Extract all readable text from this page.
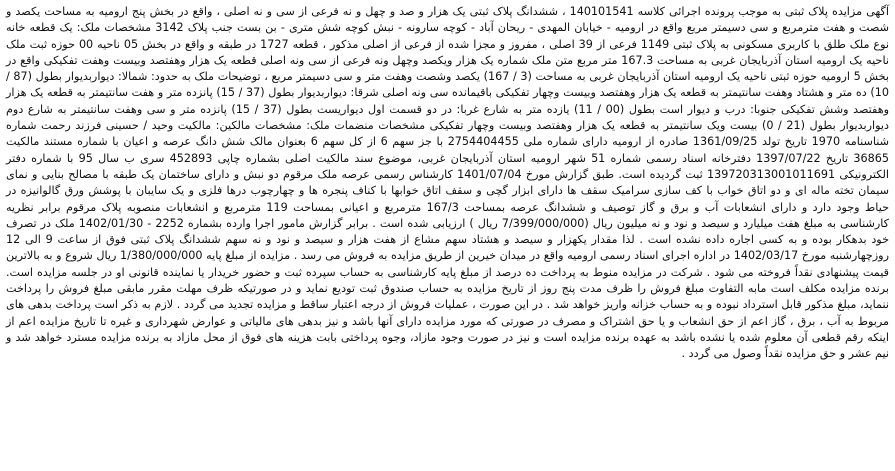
آگهی مزایده پلاک ثبتی به موجب پرونده اجرائی کلاسه 140101541 ، ششدانگ پلاک ثبتی یک هزار و صد و چهل و نه فرعی از سی و نه اصلی ، واقع در بخش پنج ارومیه به مساحت یکصد و شصت و هفت مترمربع و سی دسیمتر مربع واقع در ارومیه - خیابان المهدی - ریحان آباد - کوچه سارونه - نبش کوچه شش متری - بن بست جنب پلاک 3142 مشخصات ملک: یک قطعه خانه نوع ملک طلق با کاربری مسکونی به پلاک ثبتی 1149 فرعی از 39 اصلی ، مفروز و مجزا شده از فرعی از اصلی مذکور ، قطعه 1727 در طبقه و واقع در بخش 05 ناحیه 00 حوزه ثبت ملک ناحیه یک ارومیه استان آذربایجان غربی به مساحت 167.3 متر مربع متن ملک شماره یک هزار ویکصد وچهل ونه فرعی از سی ونه اصلی قطعه یک هزار وهفتصد وبیست وهفت تفکیکی واقع در بخش 5 ارومیه حوزه ثبتی ناحیه یک ارومیه استان آذربایجان غربی به مساحت (3 / 167) یکصد وشصت وهفت متر و سی دسیمتر مربع ، توضیحات ملک به حدود: شمالا: دیواربدیوار بطول (87 / 10) ده متر و هشتاد وهفت سانتیمتر به قطعه یک هزار وهفتصد وبیست وچهار تفکیکی باقیمانده سی ونه اصلی شرقا: دیواربدیوار بطول (37 / 15) پانزده متر و هفت سانتیمتر به قطعه یک هزار وهفتصد وشش تفکیکی جنوبا: درب و دیوار است بطول (00 / 11) یازده متر به شارع غربا: در دو قسمت اول دیواریست بطول (37 / 15) پانزده متر و سی وهفت سانتیمتر به شارع دوم دیواربدیوار بطول (21 / 0) بیست ویک سانتیمتر به قطعه یک هزار وهفتصد وبیست وچهار تفکیکی مشخصات منضمات ملک: مشخصات مالکین: مالکیت وحید / حسینی فرزند رحمت شماره شناسنامه 1970 تاریخ تولد 1361/09/25 صادره از ارومیه دارای شماره ملی 2754404455 با جز سهم 6 از کل سهم 6 بعنوان مالک شش دانگ عرصه و اعیان با شماره مستند مالکیت 36865 تاریخ 1397/07/22 دفترخانه اسناد رسمی شماره 51 شهر ارومیه استان آذربایجان غربی، موضوع سند مالکیت اصلی بشماره چاپی 452893 سری ب سال 95 با شماره دفتر الکترونیکی 139720313001011691 ثبت گردیده است. طبق گزارش مورخ 1401/07/04 کارشناس رسمی عرصه ملک مرقوم دو نبش و دارای ساختمان یک طبقه با مصالح بنایی و نمای سیمان تخته ماله ای و دو اتاق خواب با کف سازی سرامیک سقف ها دارای ابزار گچی و سقف اتاق خوابها با کناف پنجره ها و چهارچوب درها فلزی و یک سایبان با پوشش ورق گالوانیزه در حیاط وجود دارد و دارای انشعابات آب و برق و گاز توصیف و ششدانگ عرصه بمساحت 167/3 مترمربع و اعیانی بمساحت 119 مترمربع و انشعابات منصوبه پلاک مرقوم برابر نظریه کارشناسی به مبلغ هفت میلیارد و سیصد و نود و نه میلیون ریال (7/399/000/000 ریال ) ارزیابی شده است . برابر گزارش مامور اجرا وارده بشماره 2252 - 1402/01/30 ملک در تصرف خود بدهکار بوده و به کسی اجاره داده نشده است . لذا مقدار یکهزار و سیصد و هشتاد سهم مشاع از هفت هزار و سیصد و نود و نه سهم ششدانگ پلاک ثبتی فوق از ساعت 9 الی 12 روزچهارشنبه مورخ 1402/03/17 در اداره اجرای اسناد رسمی ارومیه واقع در میدان خیرین از طریق مزایده به فروش می رسد . مزایده از مبلغ پایه 1/380/000/000 ریال شروع و به بالاترین قیمت پیشنهادی نقداً فروخته می شود . شرکت در مزایده منوط به پرداخت ده درصد از مبلغ پایه کارشناسی به حساب سپرده ثبت و حضور خریدار یا نماینده قانونی او در جلسه مزایده است. برنده مزایده مکلف است مابه التفاوت مبلغ فروش را ظرف مدت پنج روز از تاریخ مزایده به حساب صندوق ثبت تودیع نماید و در صورتیکه ظرف مهلت مقرر مابقی مبلغ فروش را پرداخت ننماید، مبلغ مذکور قابل استرداد نبوده و به حساب خزانه واریز خواهد شد . در این صورت ، عملیات فروش از درجه اعتبار ساقط و مزایده تجدید می گردد . لازم به ذکر است پرداخت بدهی های مربوط به آب ، برق ، گاز اعم از حق انشعاب و یا حق اشتراک و مصرف در صورتی که مورد مزایده دارای آنها باشد و نیز بدهی های مالیاتی و عوارض شهرداری و غیره تا تاریخ مزایده اعم از اینکه رقم قطعی آن معلوم شده یا نشده باشد به عهده برنده مزایده است و نیز در صورت وجود مازاد، وجوه پرداختی بابت هزینه های فوق از محل مازاد به برنده مزایده مسترد خواهد شد و نیم عشر و حق مزایده نقداً وصول می گردد .
